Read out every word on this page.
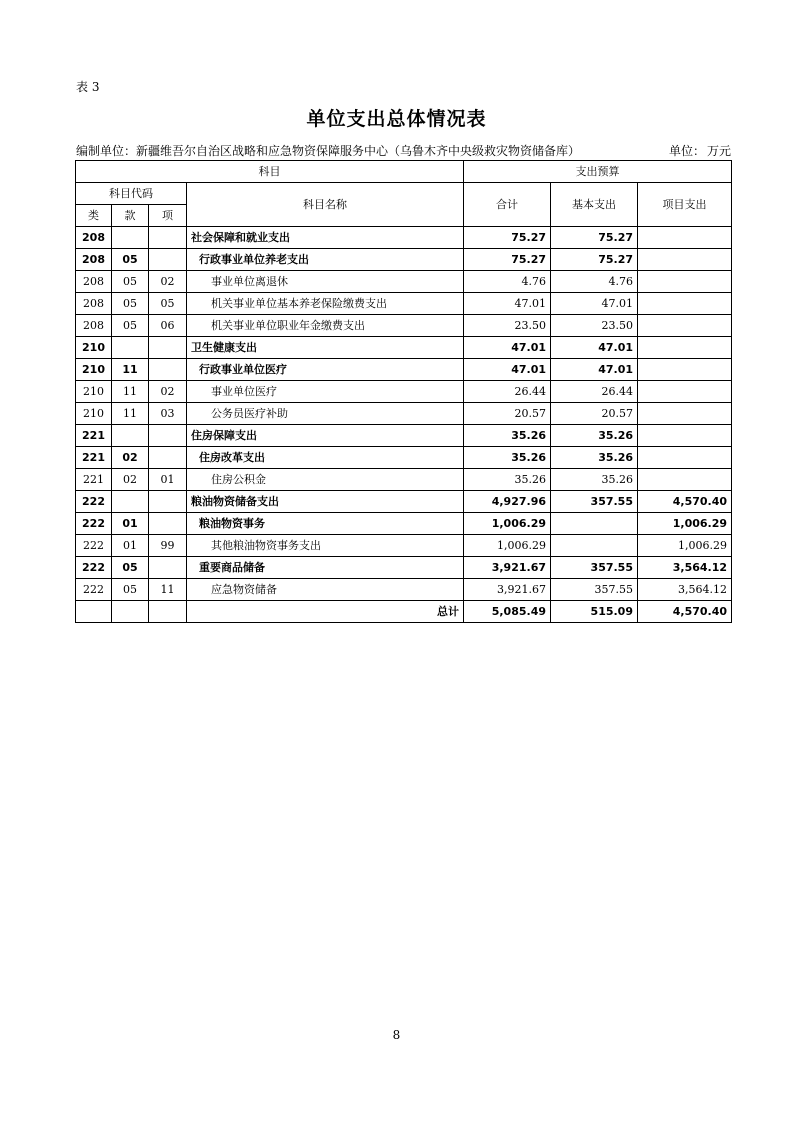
表 3
单位支出总体情况表
编制单位：新疆维吾尔自治区战略和应急物资保障服务中心（乌鲁木齐中央级救灾物资储备库）	单位： 万元
科目				支出预算		
科目代码			科目名称	合计	基本支出	项目支出
类	款	项				
208			社会保障和就业支出	75.27	75.27	
208	05		行政事业单位养老支出	75.27	75.27	
208	05	02	事业单位离退休	4.76	4.76	
208	05	05	机关事业单位基本养老保险缴费支出	47.01	47.01	
208	05	06	机关事业单位职业年金缴费支出	23.50	23.50	
210			卫生健康支出	47.01	47.01	
210	11		行政事业单位医疗	47.01	47.01	
210	11	02	事业单位医疗	26.44	26.44	
210	11	03	公务员医疗补助	20.57	20.57	
221			住房保障支出	35.26	35.26	
221	02		住房改革支出	35.26	35.26	
221	02	01	住房公积金	35.26	35.26	
222			粮油物资储备支出	4,927.96	357.55	4,570.40
222	01		粮油物资事务	1,006.29		1,006.29
222	01	99	其他粮油物资事务支出	1,006.29		1,006.29
222	05		重要商品储备	3,921.67	357.55	3,564.12
222	05	11	应急物资储备	3,921.67	357.55	3,564.12
			总计	5,085.49	515.09	4,570.40
8
